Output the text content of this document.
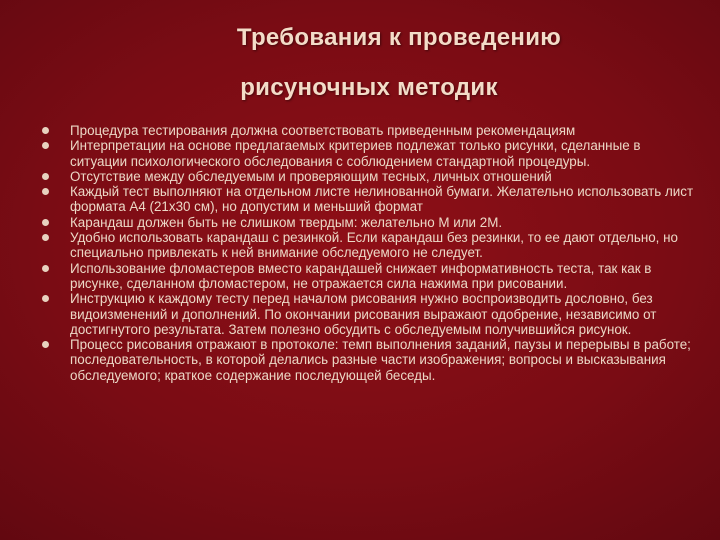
Требования к проведению
рисуночных методик
Процедура тестирования должна соответствовать приведенным рекомендациям
Интерпретации на основе предлагаемых критериев подлежат только рисунки, сделанные в ситуации психологического обследования с соблюдением стандартной процедуры.
Отсутствие между обследуемым и проверяющим тесных, личных отношений
Каждый тест выполняют на отдельном листе нелинованной бумаги. Желательно использовать лист формата А4 (21х30 см), но допустим и меньший формат
Карандаш должен быть не слишком твердым: желательно М или 2М.
Удобно использовать карандаш с резинкой. Если карандаш без резинки, то ее дают отдельно, но специально привлекать к ней внимание обследуемого не следует.
Использование фломастеров вместо карандашей снижает информативность теста, так как в рисунке, сделанном фломастером, не отражается сила нажима при рисовании.
Инструкцию к каждому тесту перед началом рисования нужно воспроизводить дословно, без видоизменений и дополнений. По окончании рисования выражают одобрение, независимо от достигнутого результата. Затем полезно обсудить с обследуемым получившийся рисунок.
Процесс рисования отражают в протоколе: темп выполнения заданий, паузы и перерывы в работе; последовательность, в которой делались разные части изображения; вопросы и высказывания обследуемого; краткое содержание последующей беседы.
